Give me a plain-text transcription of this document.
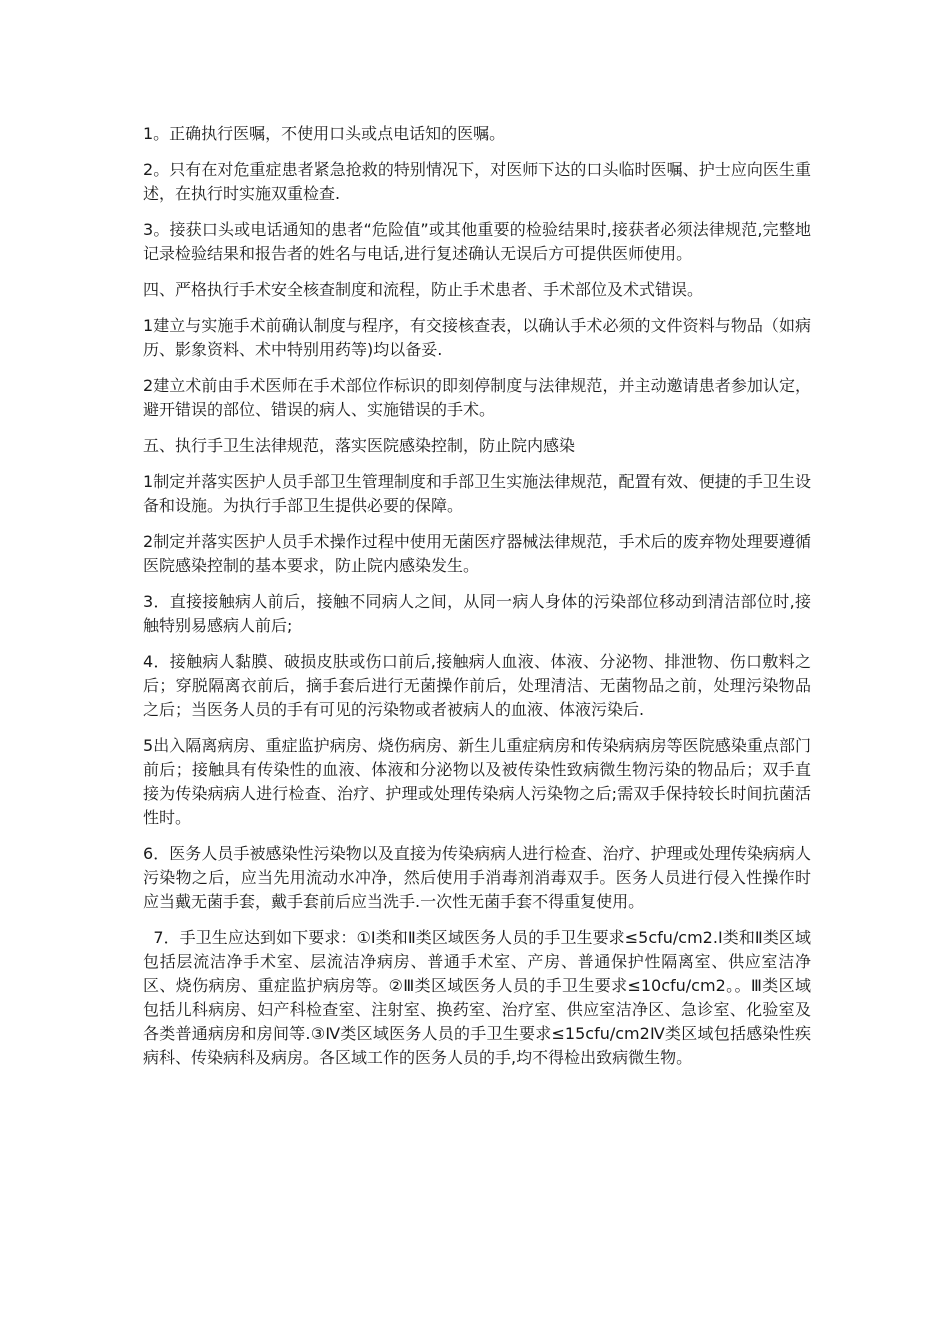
1。正确执行医嘱，不使用口头或点电话知的医嘱。

2。只有在对危重症患者紧急抢救的特别情况下，对医师下达的口头临时医嘱、护士应向医生重述，在执行时实施双重检查.

3。接获口头或电话通知的患者“危险值”或其他重要的检验结果时,接获者必须法律规范,完整地记录检验结果和报告者的姓名与电话,进行复述确认无误后方可提供医师使用。

四、严格执行手术安全核查制度和流程，防止手术患者、手术部位及术式错误。

1建立与实施手术前确认制度与程序，有交接核查表，以确认手术必须的文件资料与物品（如病历、影象资料、术中特别用药等)均以备妥.

2建立术前由手术医师在手术部位作标识的即刻停制度与法律规范，并主动邀请患者参加认定，避开错误的部位、错误的病人、实施错误的手术。

五、执行手卫生法律规范，落实医院感染控制，防止院内感染

1制定并落实医护人员手部卫生管理制度和手部卫生实施法律规范，配置有效、便捷的手卫生设备和设施。为执行手部卫生提供必要的保障。

2制定并落实医护人员手术操作过程中使用无菌医疗器械法律规范，手术后的废弃物处理要遵循医院感染控制的基本要求，防止院内感染发生。

3．直接接触病人前后，接触不同病人之间，从同一病人身体的污染部位移动到清洁部位时,接触特别易感病人前后;

4．接触病人黏膜、破损皮肤或伤口前后,接触病人血液、体液、分泌物、排泄物、伤口敷料之后；穿脱隔离衣前后，摘手套后进行无菌操作前后，处理清洁、无菌物品之前，处理污染物品之后；当医务人员的手有可见的污染物或者被病人的血液、体液污染后.

5出入隔离病房、重症监护病房、烧伤病房、新生儿重症病房和传染病病房等医院感染重点部门前后；接触具有传染性的血液、体液和分泌物以及被传染性致病微生物污染的物品后；双手直接为传染病病人进行检查、治疗、护理或处理传染病人污染物之后;需双手保持较长时间抗菌活性时。

6．医务人员手被感染性污染物以及直接为传染病病人进行检查、治疗、护理或处理传染病病人污染物之后，应当先用流动水冲净，然后使用手消毒剂消毒双手。医务人员进行侵入性操作时应当戴无菌手套，戴手套前后应当洗手.一次性无菌手套不得重复使用。

7．手卫生应达到如下要求：①I类和Ⅱ类区域医务人员的手卫生要求≤5cfu/cm2.I类和Ⅱ类区域包括层流洁净手术室、层流洁净病房、普通手术室、产房、普通保护性隔离室、供应室洁净区、烧伤病房、重症监护病房等。②Ⅲ类区域医务人员的手卫生要求≤10cfu/cm2。。Ⅲ类区域包括儿科病房、妇产科检查室、注射室、换药室、治疗室、供应室洁净区、急诊室、化验室及各类普通病房和房间等.③Ⅳ类区域医务人员的手卫生要求≤15cfu/cm2Ⅳ类区域包括感染性疾病科、传染病科及病房。各区域工作的医务人员的手,均不得检出致病微生物。
